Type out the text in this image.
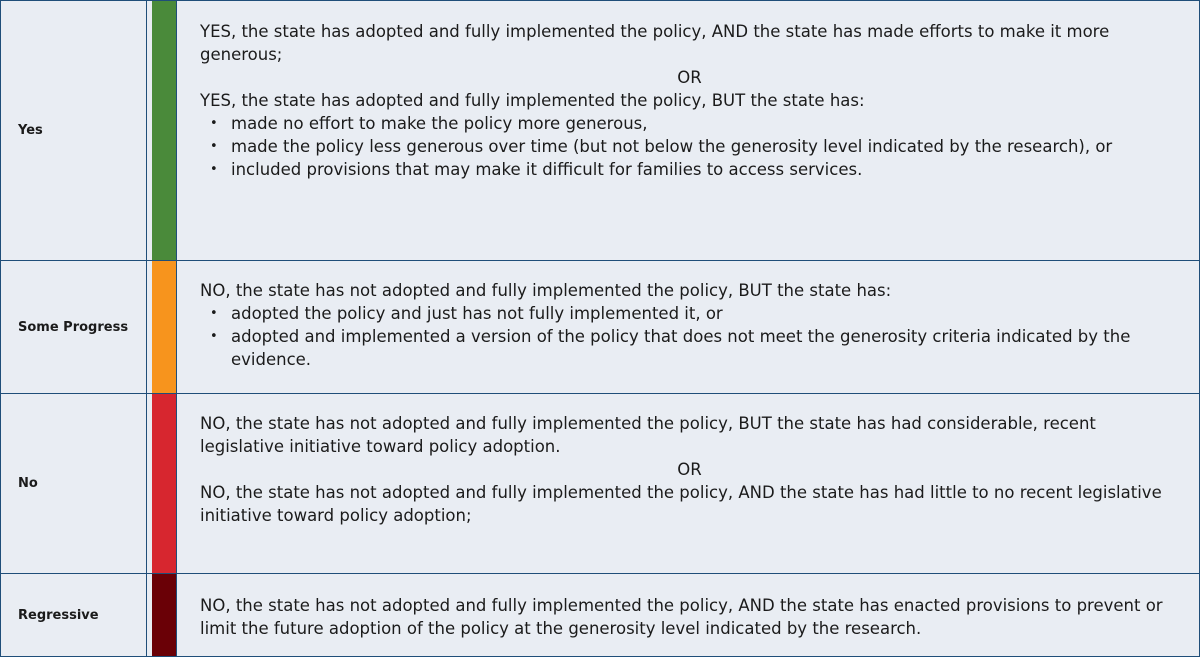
Yes

YES, the state has adopted and fully implemented the policy, AND the state has made efforts to make it more generous;

OR

YES, the state has adopted and fully implemented the policy, BUT the state has:

• made no effort to make the policy more generous,
• made the policy less generous over time (but not below the generosity level indicated by the research), or
• included provisions that may make it difficult for families to access services.
Some Progress

NO, the state has not adopted and fully implemented the policy, BUT the state has:

• adopted the policy and just has not fully implemented it, or
• adopted and implemented a version of the policy that does not meet the generosity criteria indicated by the evidence.
No

NO, the state has not adopted and fully implemented the policy, BUT the state has had considerable, recent legislative initiative toward policy adoption.

OR

NO, the state has not adopted and fully implemented the policy, AND the state has had little to no recent legislative initiative toward policy adoption;

Regressive	NO, the state has not adopted and fully implemented the policy, AND the state has enacted provisions to prevent or limit the future adoption of the policy at the generosity level indicated by the research.
